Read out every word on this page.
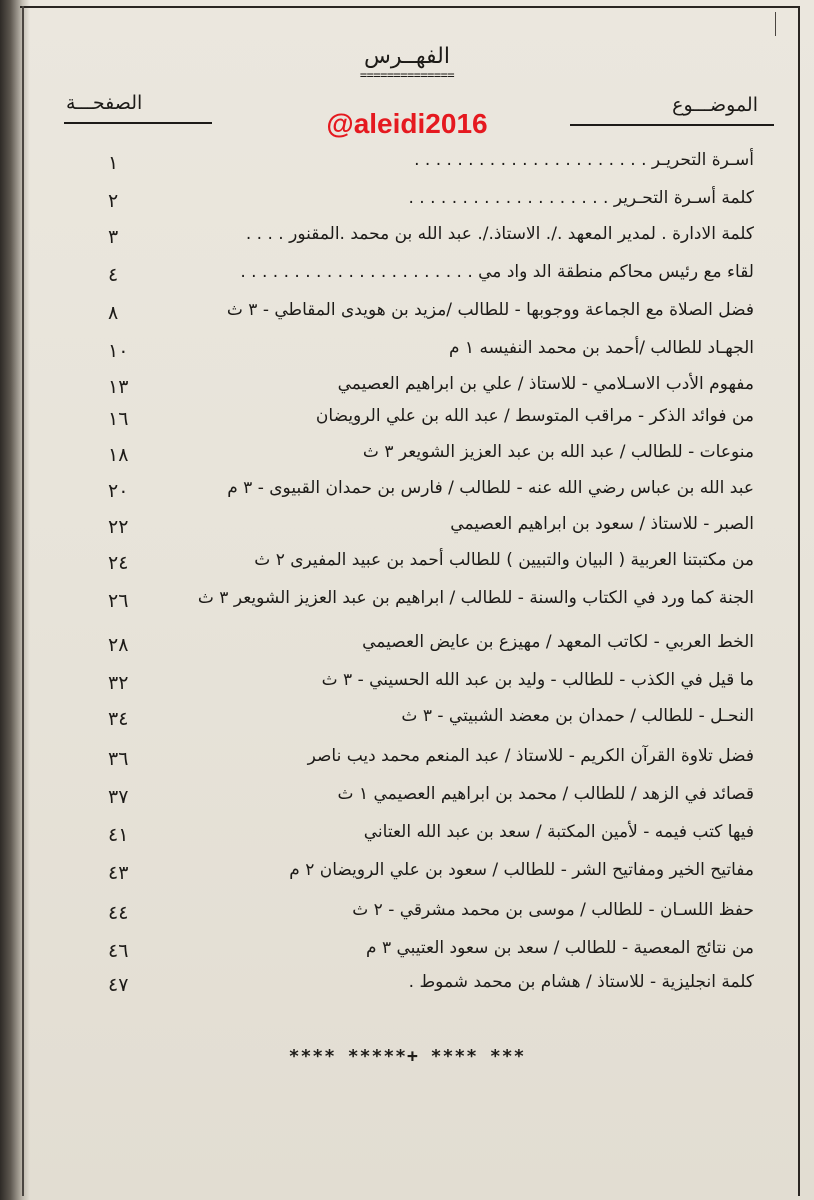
الفهــرس
==============
الموضـــوع
الصفحـــة
@aleidi2016
أسـرة التحريـر . . . . . . . . . . . . . . . . . . . . . .
١
كلمة أسـرة التحـرير . . . . . . . . . . . . . . . . . . .
٢
كلمة الادارة . لمدير المعهد ./. الاستاذ./. عبد الله بن محمد .المقنور . . . .
٣
لقاء مع رئيس محاكم منطقة الد واد مي . . . . . . . . . . . . . . . . . . . . . .
٤
فضل الصلاة مع الجماعة ووجوبها - للطالب /مزيد بن هويدى المقاطي - ٣ ث
٨
الجهـاد للطالب /أحمد بن محمد النفيسه ١ م
١٠
مفهوم الأدب الاسـلامي - للاستاذ / علي بن ابراهيم العصيمي
١٣
من فوائد الذكر - مراقب المتوسط / عبد الله بن علي الرويضان
١٦
منوعات - للطالب / عبد الله بن عبد العزيز الشويعر ٣ ث
١٨
عبد الله بن عباس رضي الله عنه - للطالب / فارس بن حمدان القبيوى - ٣ م
٢٠
الصبر - للاستاذ / سعود بن ابراهيم العصيمي
٢٢
من مكتبتنا العربية ( البيان والتبيين ) للطالب أحمد بن عبيد المفيرى ٢ ث
٢٤
الجنة كما ورد في الكتاب والسنة - للطالب / ابراهيم بن عبد العزيز الشويعر ٣ ث
٢٦
الخط العربي - لكاتب المعهد / مهيزع بن عايض العصيمي
٢٨
ما قيل في الكذب - للطالب - وليد بن عبد الله الحسيني - ٣ ث
٣٢
النحـل - للطالب / حمدان بن معضد الشبيتي - ٣ ث
٣٤
فضل تلاوة القرآن الكريم - للاستاذ / عبد المنعم محمد ديب ناصر
٣٦
قصائد في الزهد / للطالب / محمد بن ابراهيم العصيمي ١ ث
٣٧
فيها كتب فيمه - لأمين المكتبة / سعد بن عبد الله العتاني
٤١
مفاتيح الخير ومفاتيح الشر - للطالب / سعود بن علي الرويضان ٢ م
٤٣
حفظ اللسـان - للطالب / موسى بن محمد مشرقي - ٢ ث
٤٤
من نتائج المعصية - للطالب / سعد بن سعود العتيبي ٣ م
٤٦
كلمة انجليزية - للاستاذ / هشام بن محمد شموط .
٤٧
**** *****+ **** ***
